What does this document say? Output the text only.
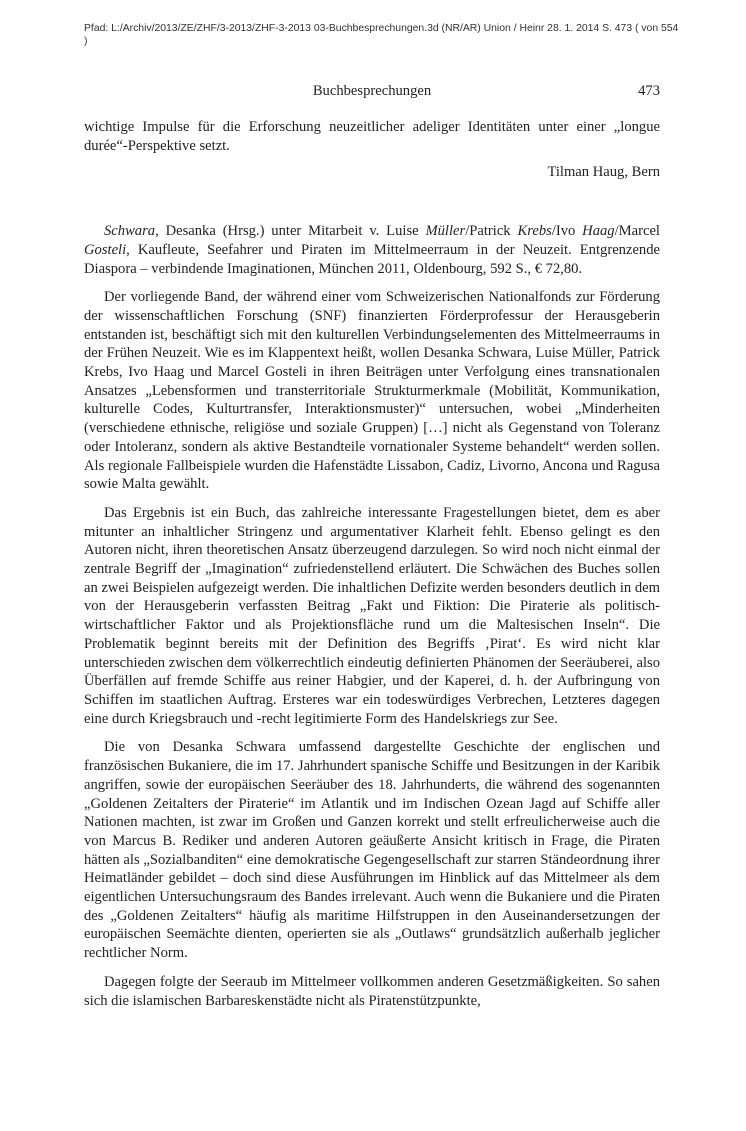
Pfad: L:/Archiv/2013/ZE/ZHF/3-2013/ZHF-3-2013 03-Buchbesprechungen.3d (NR/AR) Union / Heinr 28. 1. 2014 S. 473 ( von 554 )
Buchbesprechungen	473

wichtige Impulse für die Erforschung neuzeitlicher adeliger Identitäten unter einer „longue durée“-Perspektive setzt.

Tilman Haug, Bern

Schwara, Desanka (Hrsg.) unter Mitarbeit v. Luise Müller/Patrick Krebs/Ivo Haag/Marcel Gosteli, Kaufleute, Seefahrer und Piraten im Mittelmeerraum in der Neuzeit. Entgrenzende Diaspora – verbindende Imaginationen, München 2011, Oldenbourg, 592 S., € 72,80.

Der vorliegende Band, der während einer vom Schweizerischen Nationalfonds zur Förderung der wissenschaftlichen Forschung (SNF) finanzierten Förderprofessur der Herausgeberin entstanden ist, beschäftigt sich mit den kulturellen Verbindungselementen des Mittelmeerraums in der Frühen Neuzeit. Wie es im Klappentext heißt, wollen Desanka Schwara, Luise Müller, Patrick Krebs, Ivo Haag und Marcel Gosteli in ihren Beiträgen unter Verfolgung eines transnationalen Ansatzes „Lebensformen und transterritoriale Strukturmerkmale (Mobilität, Kommunikation, kulturelle Codes, Kulturtransfer, Interaktionsmuster)“ untersuchen, wobei „Minderheiten (verschiedene ethnische, religiöse und soziale Gruppen) […] nicht als Gegenstand von Toleranz oder Intoleranz, sondern als aktive Bestandteile vornationaler Systeme behandelt“ werden sollen. Als regionale Fallbeispiele wurden die Hafenstädte Lissabon, Cadiz, Livorno, Ancona und Ragusa sowie Malta gewählt.

Das Ergebnis ist ein Buch, das zahlreiche interessante Fragestellungen bietet, dem es aber mitunter an inhaltlicher Stringenz und argumentativer Klarheit fehlt. Ebenso gelingt es den Autoren nicht, ihren theoretischen Ansatz überzeugend darzulegen. So wird noch nicht einmal der zentrale Begriff der „Imagination“ zufriedenstellend erläutert. Die Schwächen des Buches sollen an zwei Beispielen aufgezeigt werden. Die inhaltlichen Defizite werden besonders deutlich in dem von der Herausgeberin verfassten Beitrag „Fakt und Fiktion: Die Piraterie als politisch-wirtschaftlicher Faktor und als Projektionsfläche rund um die Maltesischen Inseln“. Die Problematik beginnt bereits mit der Definition des Begriffs ‚Pirat‘. Es wird nicht klar unterschieden zwischen dem völkerrechtlich eindeutig definierten Phänomen der Seeräuberei, also Überfällen auf fremde Schiffe aus reiner Habgier, und der Kaperei, d. h. der Aufbringung von Schiffen im staatlichen Auftrag. Ersteres war ein todeswürdiges Verbrechen, Letzteres dagegen eine durch Kriegsbrauch und -recht legitimierte Form des Handelskriegs zur See.

Die von Desanka Schwara umfassend dargestellte Geschichte der englischen und französischen Bukaniere, die im 17. Jahrhundert spanische Schiffe und Besitzungen in der Karibik angriffen, sowie der europäischen Seeräuber des 18. Jahrhunderts, die während des sogenannten „Goldenen Zeitalters der Piraterie“ im Atlantik und im Indischen Ozean Jagd auf Schiffe aller Nationen machten, ist zwar im Großen und Ganzen korrekt und stellt erfreulicherweise auch die von Marcus B. Rediker und anderen Autoren geäußerte Ansicht kritisch in Frage, die Piraten hätten als „Sozialbanditen“ eine demokratische Gegengesellschaft zur starren Ständeordnung ihrer Heimatländer gebildet – doch sind diese Ausführungen im Hinblick auf das Mittelmeer als dem eigentlichen Untersuchungsraum des Bandes irrelevant. Auch wenn die Bukaniere und die Piraten des „Goldenen Zeitalters“ häufig als maritime Hilfstruppen in den Auseinandersetzungen der europäischen Seemächte dienten, operierten sie als „Outlaws“ grundsätzlich außerhalb jeglicher rechtlicher Norm.

Dagegen folgte der Seeraub im Mittelmeer vollkommen anderen Gesetzmäßigkeiten. So sahen sich die islamischen Barbareskenstädte nicht als Piratenstützpunkte,
